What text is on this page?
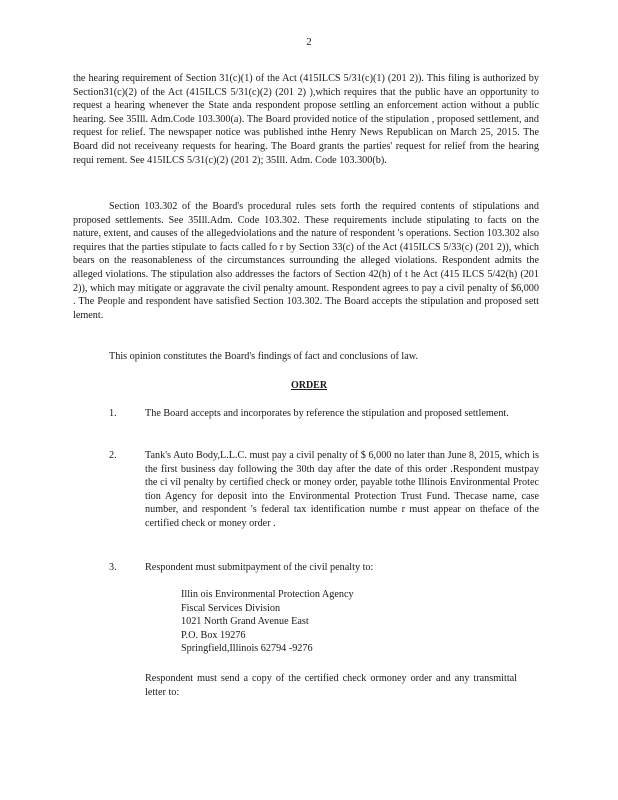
2

the hearing requirement of Section 31(c)(1) of the Act (415ILCS 5/31(c)(1) (201 2)). This filing is authorized by Section31(c)(2) of the Act (415ILCS 5/31(c)(2) (201 2) ),which requires that the public have an opportunity to request a hearing whenever the State anda respondent propose settling an enforcement action without a public hearing. See 35Ill. Adm.Code 103.300(a). The Board provided notice of the stipulation , proposed settlement, and request for relief. The newspaper notice was published inthe Henry News Republican on March 25, 2015. The Board did not receiveany requests for hearing. The Board grants the parties' request for relief from the hearing requi rement. See 415ILCS 5/31(c)(2) (201 2); 35Ill. Adm. Code 103.300(b).

Section 103.302 of the Board's procedural rules sets forth the required contents of stipulations and proposed settlements. See 35Ill.Adm. Code 103.302. These requirements include stipulating to facts on the nature, extent, and causes of the allegedviolations and the nature of respondent 's operations. Section 103.302 also requires that the parties stipulate to facts called fo r by Section 33(c) of the Act (415ILCS 5/33(c) (201 2)), which bears on the reasonableness of the circumstances surrounding the alleged violations. Respondent admits the alleged violations. The stipulation also addresses the factors of Section 42(h) of t he Act (415 ILCS 5/42(h) (201 2)), which may mitigate or aggravate the civil penalty amount. Respondent agrees to pay a civil penalty of $6,000 . The People and respondent have satisfied Section 103.302. The Board accepts the stipulation and proposed sett lement.

This opinion constitutes the Board's findings of fact and conclusions of law.

ORDER
1.	The Board accepts and incorporates by reference the stipulation and proposed settlement.
2.	Tank's Auto Body,L.L.C. must pay a civil penalty of $ 6,000 no later than June 8, 2015, which is the first business day following the 30th day after the date of this order .Respondent mustpay the ci vil penalty by certified check or money order, payable tothe Illinois Environmental Protec tion Agency for deposit into the Environmental Protection Trust Fund. Thecase name, case number, and respondent 's federal tax identification numbe r must appear on theface of the certified check or money order .
3.	Respondent must submitpayment of the civil penalty to:
Illin ois Environmental Protection Agency
Fiscal Services Division
1021 North Grand Avenue East
P.O. Box 19276
Springfield,Illinois 62794 -9276

Respondent must send a copy of the certified check ormoney order and any transmittal letter to:
